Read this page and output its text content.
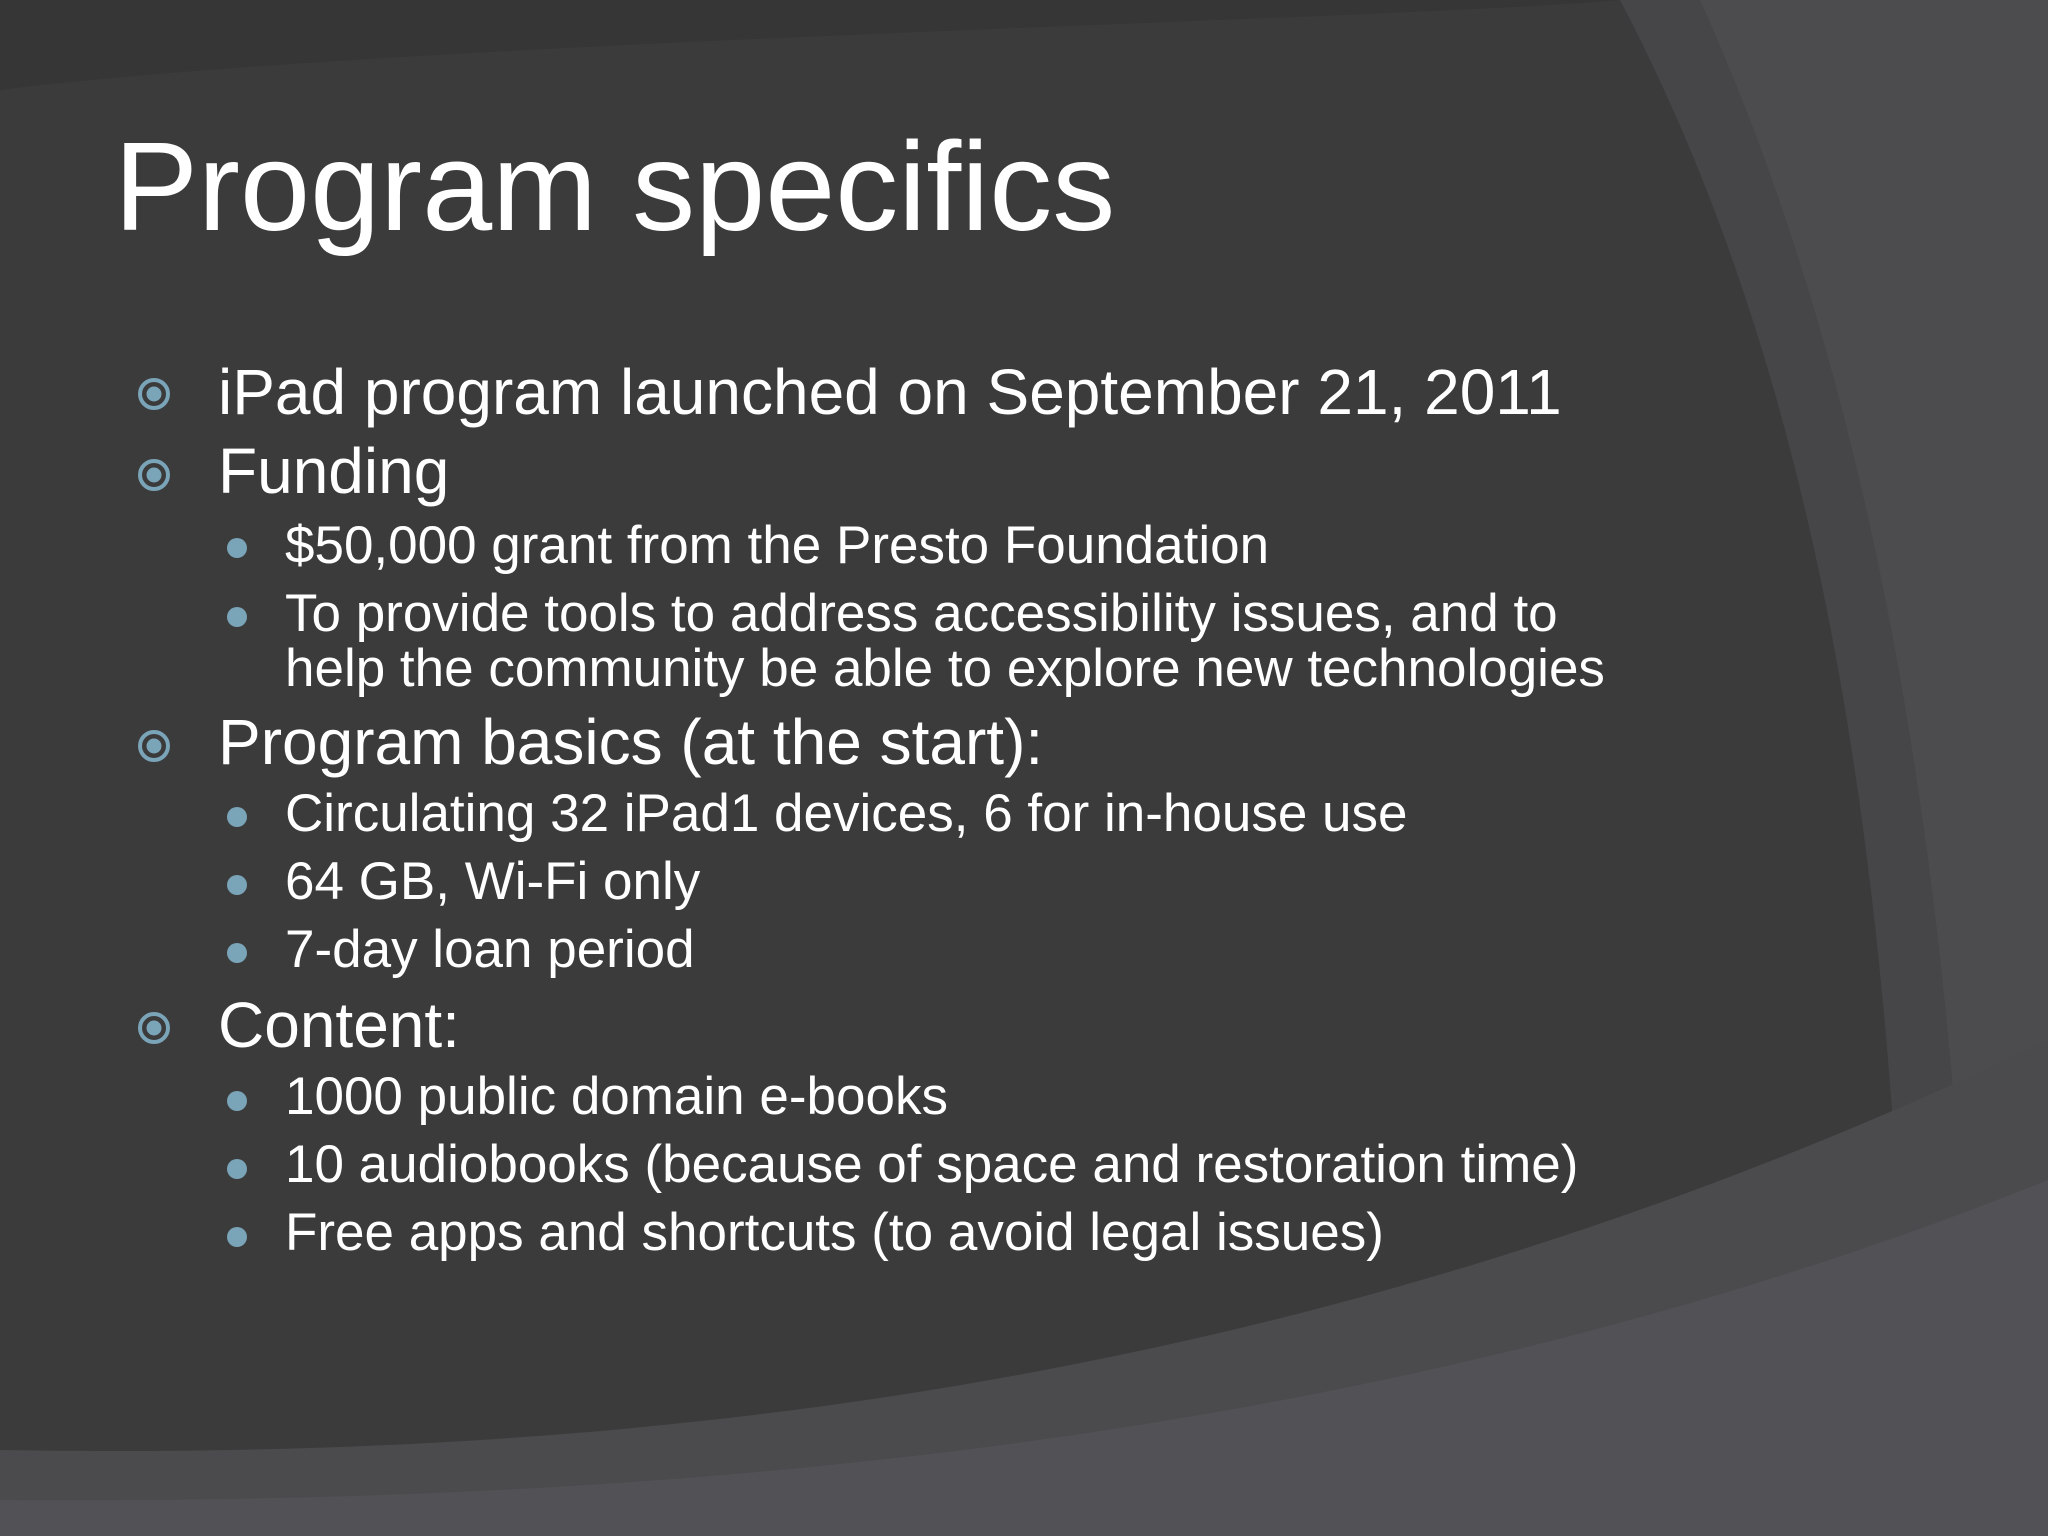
Program specifics
iPad program launched on September 21, 2011
Funding
$50,000 grant from the Presto Foundation
To provide tools to address accessibility issues, and to
help the community be able to explore new technologies
Program basics (at the start):
Circulating 32 iPad1 devices, 6 for in-house use
64 GB, Wi-Fi only
7-day loan period
Content:
1000 public domain e-books
10 audiobooks (because of space and restoration time)
Free apps and shortcuts (to avoid legal issues)
